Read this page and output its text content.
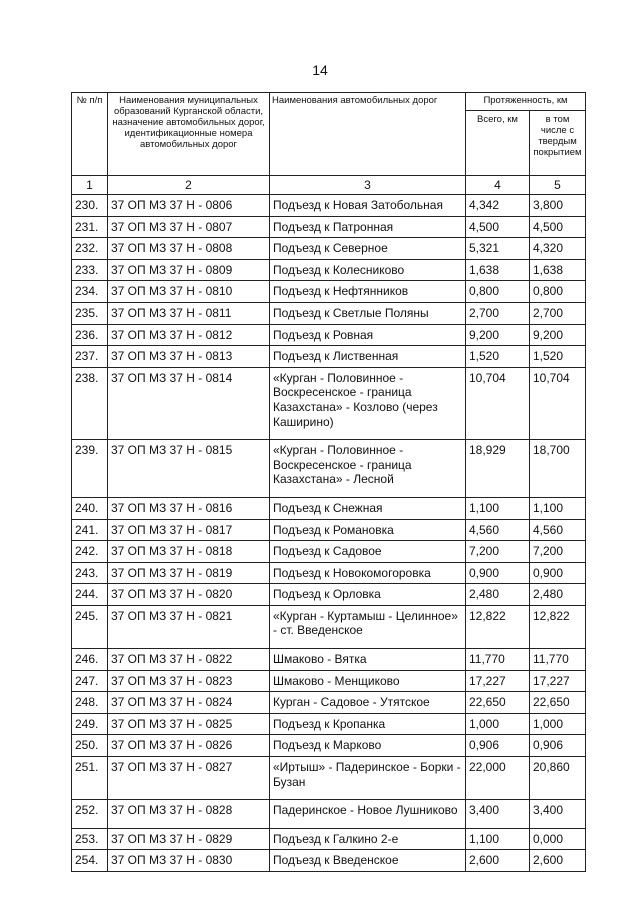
14
№ п/п	Наименования муниципальных образований Курганской области, назначение автомобильных дорог, идентификационные номера автомобильных дорог	Наименования автомобильных дорог	Протяженность, км	
			Всего, км	в том числе с твердым покрытием
1	2	3	4	5
230.	37 ОП МЗ 37 Н - 0806	Подъезд к Новая Затобольная	4,342	3,800
231.	37 ОП МЗ 37 Н - 0807	Подъезд к Патронная	4,500	4,500
232.	37 ОП МЗ 37 Н - 0808	Подъезд к Северное	5,321	4,320
233.	37 ОП МЗ 37 Н - 0809	Подъезд к Колесниково	1,638	1,638
234.	37 ОП МЗ 37 Н - 0810	Подъезд к Нефтянников	0,800	0,800
235.	37 ОП МЗ 37 Н - 0811	Подъезд к Светлые Поляны	2,700	2,700
236.	37 ОП МЗ 37 Н - 0812	Подъезд к Ровная	9,200	9,200
237.	37 ОП МЗ 37 Н - 0813	Подъезд к Лиственная	1,520	1,520
238.	37 ОП МЗ 37 Н - 0814	«Курган - Половинное - Воскресенское - граница Казахстана» - Козлово (через Каширино)	10,704	10,704
239.	37 ОП МЗ 37 Н - 0815	«Курган - Половинное - Воскресенское - граница Казахстана» - Лесной	18,929	18,700
240.	37 ОП МЗ 37 Н - 0816	Подъезд к Снежная	1,100	1,100
241.	37 ОП МЗ 37 Н - 0817	Подъезд к Романовка	4,560	4,560
242.	37 ОП МЗ 37 Н - 0818	Подъезд к Садовое	7,200	7,200
243.	37 ОП МЗ 37 Н - 0819	Подъезд к Новокомогоровка	0,900	0,900
244.	37 ОП МЗ 37 Н - 0820	Подъезд к Орловка	2,480	2,480
245.	37 ОП МЗ 37 Н - 0821	«Курган - Куртамыш - Целинное» - ст. Введенское	12,822	12,822
246.	37 ОП МЗ 37 Н - 0822	Шмаково - Вятка	11,770	11,770
247.	37 ОП МЗ 37 Н - 0823	Шмаково - Менщиково	17,227	17,227
248.	37 ОП МЗ 37 Н - 0824	Курган - Садовое - Утятское	22,650	22,650
249.	37 ОП МЗ 37 Н - 0825	Подъезд к Кропанка	1,000	1,000
250.	37 ОП МЗ 37 Н - 0826	Подъезд к Марково	0,906	0,906
251.	37 ОП МЗ 37 Н - 0827	«Иртыш» - Падеринское - Борки - Бузан	22,000	20,860
252.	37 ОП МЗ 37 Н - 0828	Падеринское - Новое Лушниково	3,400	3,400
253.	37 ОП МЗ 37 Н - 0829	Подъезд к Галкино 2-е	1,100	0,000
254.	37 ОП МЗ 37 Н - 0830	Подъезд к Введенское	2,600	2,600
